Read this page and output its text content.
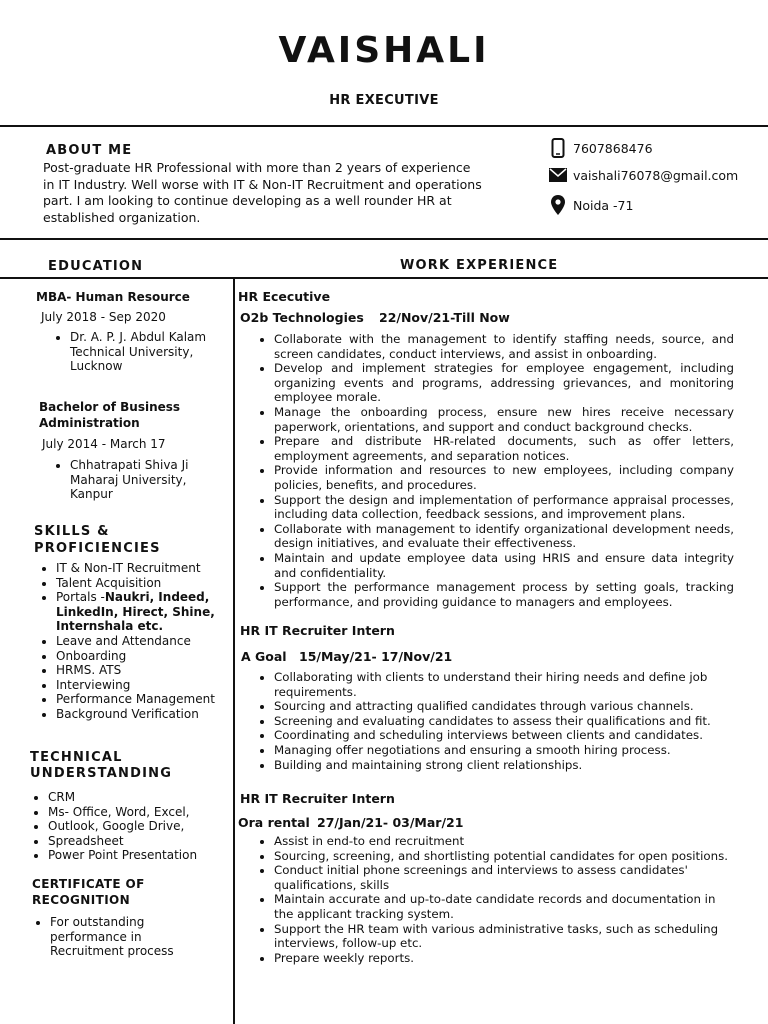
VAISHALI
HR EXECUTIVE
ABOUT ME
Post-graduate HR Professional with more than 2 years of experience in IT Industry. Well worse with IT & Non-IT Recruitment and operations part. I am looking to continue developing as a well rounder HR at established organization.
7607868476
vaishali76078@gmail.com
Noida -71
EDUCATION
MBA- Human Resource
July 2018 - Sep 2020
• Dr. A. P. J. Abdul Kalam Technical University, Lucknow
Bachelor of Business Administration
July 2014 - March 17
• Chhatrapati Shiva Ji Maharaj University, Kanpur
SKILLS & PROFICIENCIES
• IT & Non-IT Recruitment
• Talent Acquisition
• Portals -Naukri, Indeed, LinkedIn, Hirect, Shine, Internshala etc.
• Leave and Attendance
• Onboarding
• HRMS. ATS
• Interviewing
• Performance Management
• Background Verification
TECHNICAL UNDERSTANDING
• CRM
• Ms- Office, Word, Excel,
• Outlook, Google Drive,
• Spreadsheet
• Power Point Presentation
CERTIFICATE OF RECOGNITION
• For outstanding performance in Recruitment process
WORK EXPERIENCE
HR Ececutive
O2b Technologies	22/Nov/21-Till Now
• Collaborate with the management to identify staffing needs, source, and screen candidates, conduct interviews, and assist in onboarding.
• Develop and implement strategies for employee engagement, including organizing events and programs, addressing grievances, and monitoring employee morale.
• Manage the onboarding process, ensure new hires receive necessary paperwork, orientations, and support and conduct background checks.
• Prepare and distribute HR-related documents, such as offer letters, employment agreements, and separation notices.
• Provide information and resources to new employees, including company policies, benefits, and procedures.
• Support the design and implementation of performance appraisal processes, including data collection, feedback sessions, and improvement plans.
• Collaborate with management to identify organizational development needs, design initiatives, and evaluate their effectiveness.
• Maintain and update employee data using HRIS and ensure data integrity and confidentiality.
• Support the performance management process by setting goals, tracking performance, and providing guidance to managers and employees.
HR IT Recruiter Intern
A Goal 15/May/21- 17/Nov/21
• Collaborating with clients to understand their hiring needs and define job requirements.
• Sourcing and attracting qualified candidates through various channels.
• Screening and evaluating candidates to assess their qualifications and fit.
• Coordinating and scheduling interviews between clients and candidates.
• Managing offer negotiations and ensuring a smooth hiring process.
• Building and maintaining strong client relationships.
HR IT Recruiter Intern
Ora rental 27/Jan/21- 03/Mar/21
• Assist in end-to end recruitment
• Sourcing, screening, and shortlisting potential candidates for open positions.
• Conduct initial phone screenings and interviews to assess candidates' qualifications, skills
• Maintain accurate and up-to-date candidate records and documentation in the applicant tracking system.
• Support the HR team with various administrative tasks, such as scheduling interviews, follow-up etc.
• Prepare weekly reports.
